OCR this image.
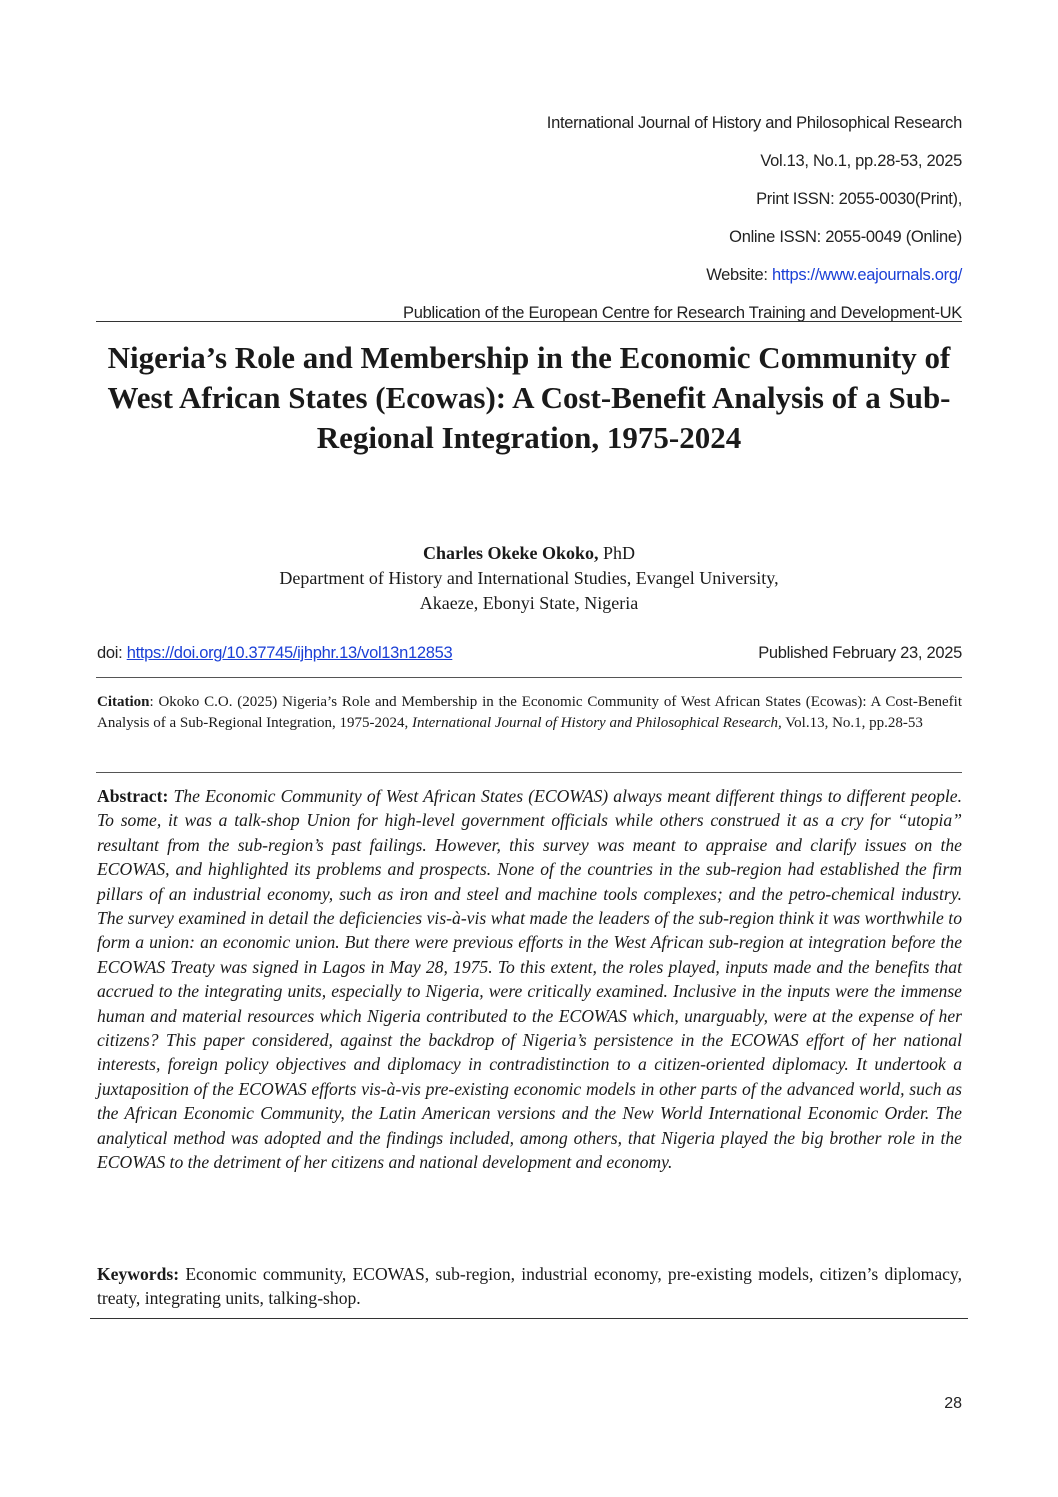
International Journal of History and Philosophical Research
Vol.13, No.1, pp.28-53, 2025
Print ISSN: 2055-0030(Print),
Online ISSN: 2055-0049 (Online)
Website: https://www.eajournals.org/
Publication of the European Centre for Research Training and Development-UK
Nigeria’s Role and Membership in the Economic Community of West African States (Ecowas): A Cost-Benefit Analysis of a Sub-Regional Integration, 1975-2024
Charles Okeke Okoko, PhD
Department of History and International Studies, Evangel University,
Akaeze, Ebonyi State, Nigeria
doi: https://doi.org/10.37745/ijhphr.13/vol13n12853	Published February 23, 2025
Citation: Okoko C.O. (2025) Nigeria’s Role and Membership in the Economic Community of West African States (Ecowas): A Cost-Benefit Analysis of a Sub-Regional Integration, 1975-2024, International Journal of History and Philosophical Research, Vol.13, No.1, pp.28-53
Abstract: The Economic Community of West African States (ECOWAS) always meant different things to different people. To some, it was a talk-shop Union for high-level government officials while others construed it as a cry for “utopia” resultant from the sub-region’s past failings. However, this survey was meant to appraise and clarify issues on the ECOWAS, and highlighted its problems and prospects. None of the countries in the sub-region had established the firm pillars of an industrial economy, such as iron and steel and machine tools complexes; and the petro-chemical industry. The survey examined in detail the deficiencies vis-à-vis what made the leaders of the sub-region think it was worthwhile to form a union: an economic union. But there were previous efforts in the West African sub-region at integration before the ECOWAS Treaty was signed in Lagos in May 28, 1975. To this extent, the roles played, inputs made and the benefits that accrued to the integrating units, especially to Nigeria, were critically examined. Inclusive in the inputs were the immense human and material resources which Nigeria contributed to the ECOWAS which, unarguably, were at the expense of her citizens? This paper considered, against the backdrop of Nigeria’s persistence in the ECOWAS effort of her national interests, foreign policy objectives and diplomacy in contradistinction to a citizen-oriented diplomacy. It undertook a juxtaposition of the ECOWAS efforts vis-à-vis pre-existing economic models in other parts of the advanced world, such as the African Economic Community, the Latin American versions and the New World International Economic Order. The analytical method was adopted and the findings included, among others, that Nigeria played the big brother role in the ECOWAS to the detriment of her citizens and national development and economy.
Keywords: Economic community, ECOWAS, sub-region, industrial economy, pre-existing models, citizen’s diplomacy, treaty, integrating units, talking-shop.
28
